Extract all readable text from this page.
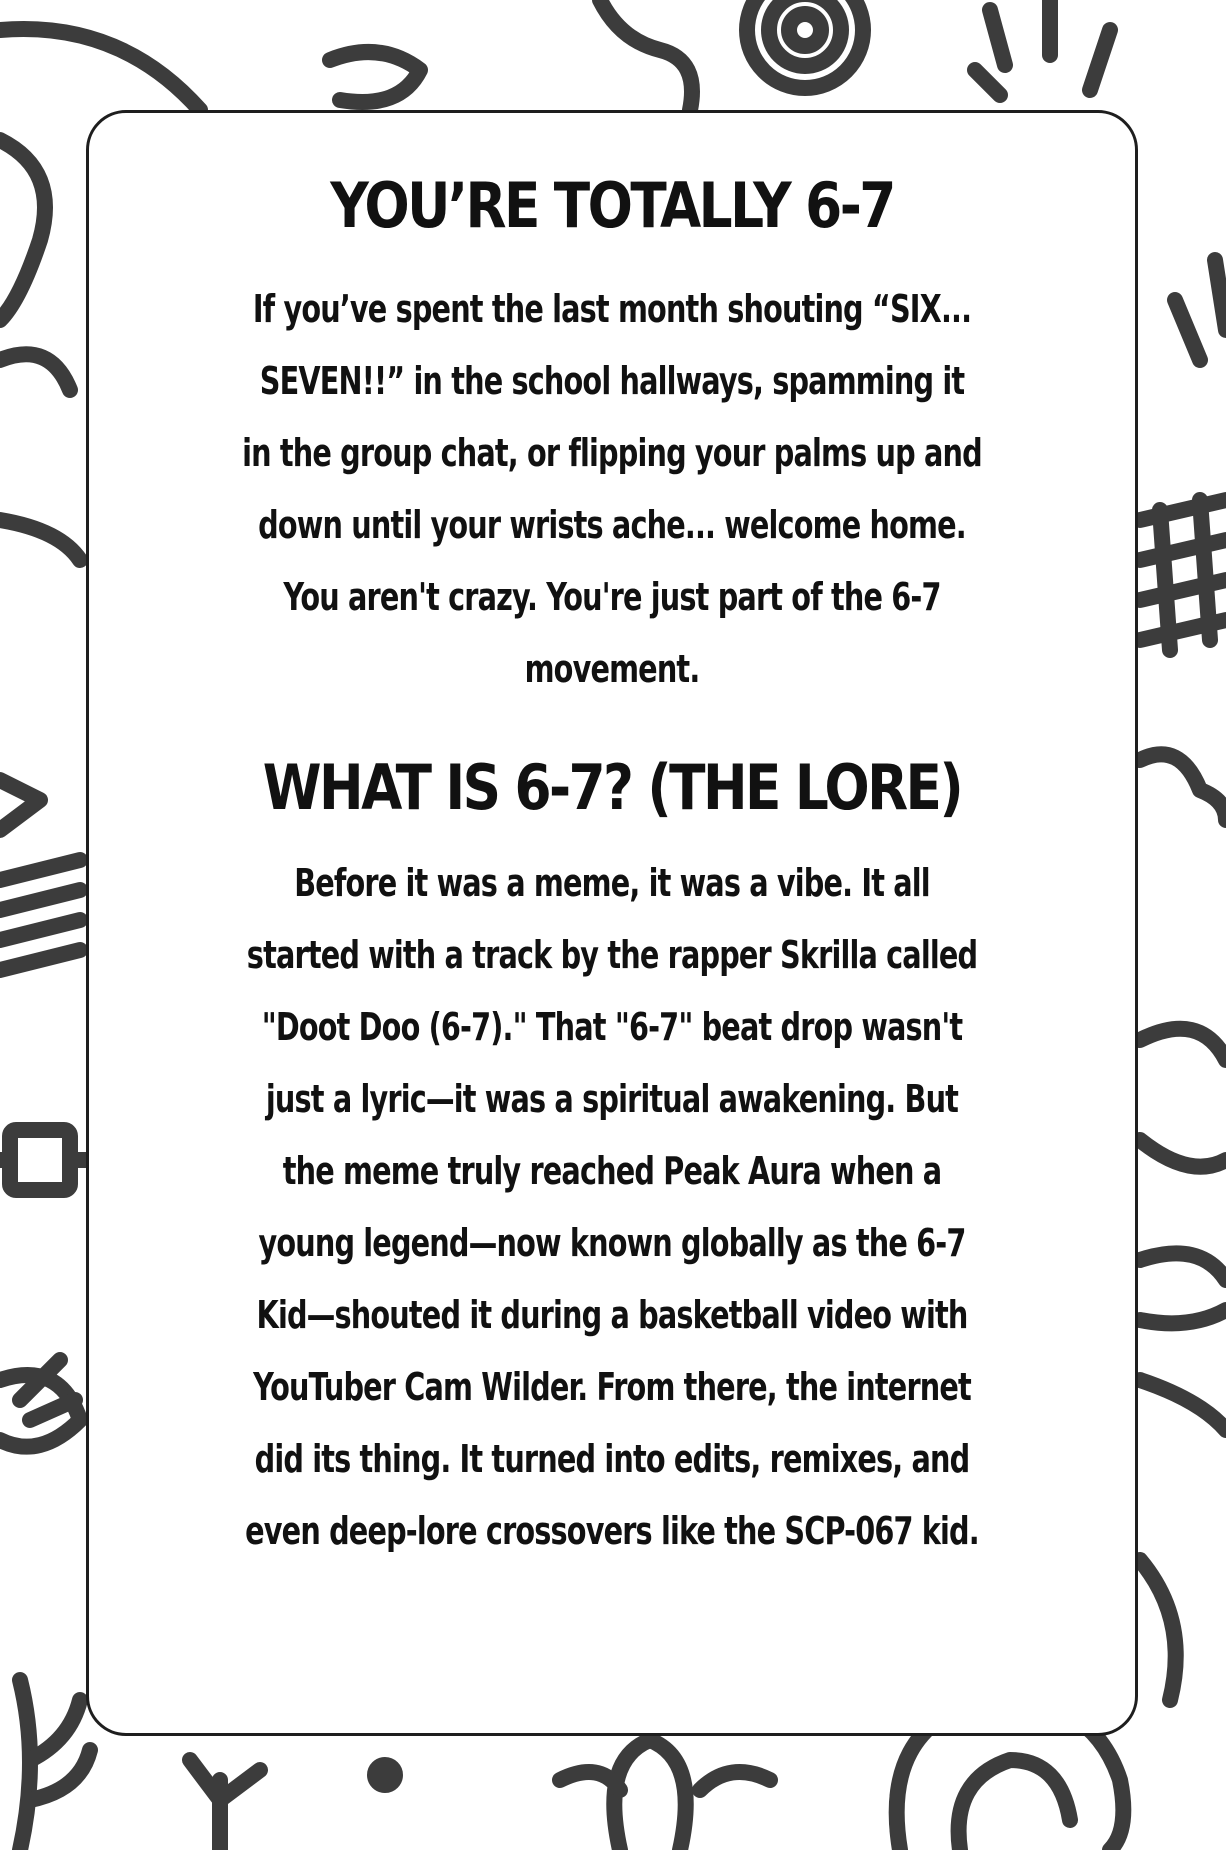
YOU’RE TOTALLY 6-7

If you’ve spent the last month shouting “SIX...
SEVEN!!” in the school hallways, spamming it
in the group chat, or flipping your palms up and
down until your wrists ache... welcome home.
You aren't crazy. You're just part of the 6-7
movement.

WHAT IS 6-7? (THE LORE)

Before it was a meme, it was a vibe. It all
started with a track by the rapper Skrilla called
"Doot Doo (6-7)." That "6-7" beat drop wasn't
just a lyric—it was a spiritual awakening. But
the meme truly reached Peak Aura when a
young legend—now known globally as the 6-7
Kid—shouted it during a basketball video with
YouTuber Cam Wilder. From there, the internet
did its thing. It turned into edits, remixes, and
even deep-lore crossovers like the SCP-067 kid.
